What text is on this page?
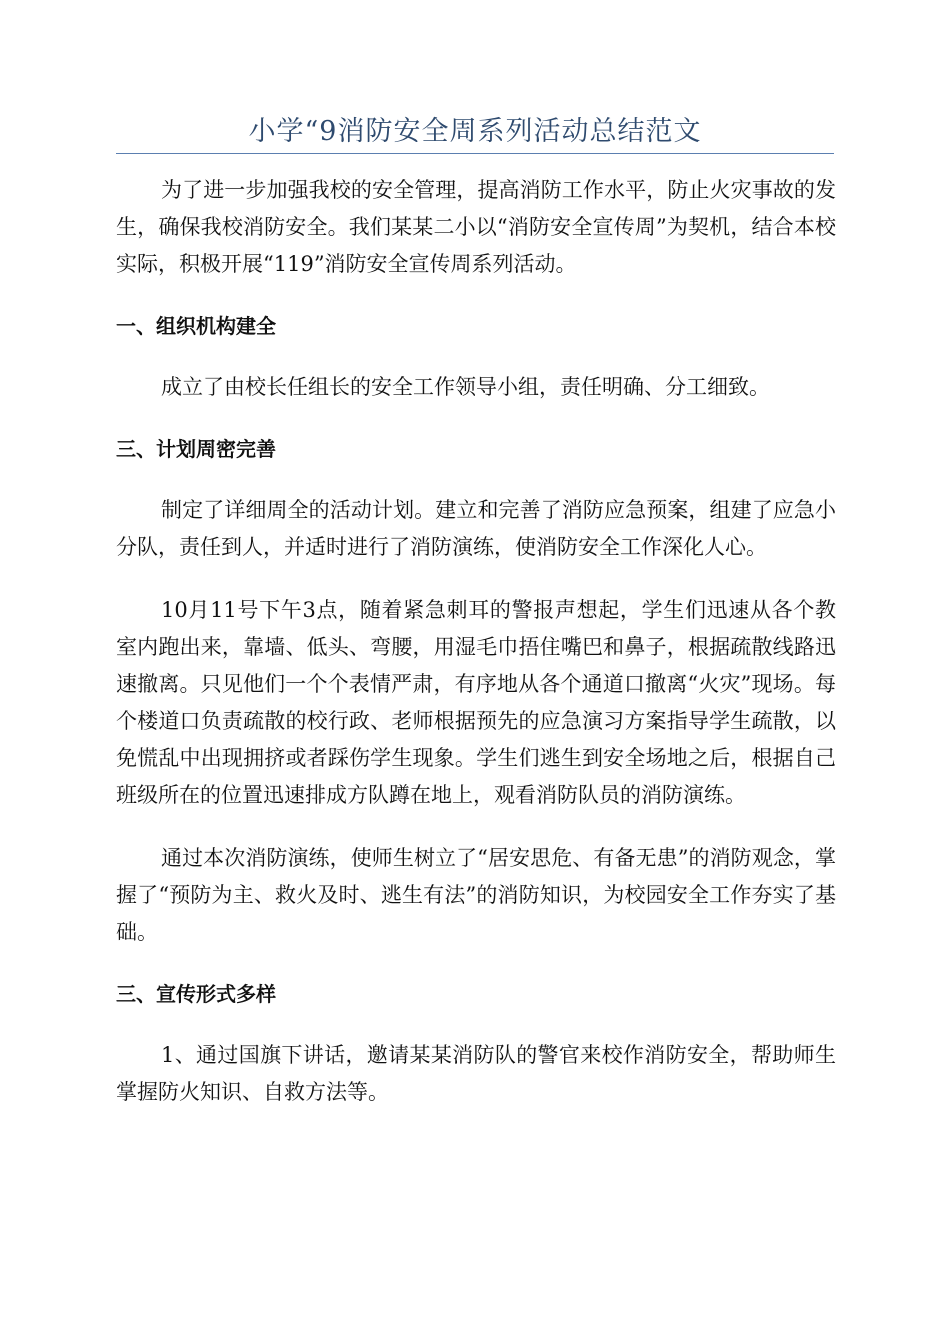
小学“9消防安全周系列活动总结范文

为了进一步加强我校的安全管理，提高消防工作水平，防止火灾事故的发生，确保我校消防安全。我们某某二小以“消防安全宣传周”为契机，结合本校实际，积极开展“119”消防安全宣传周系列活动。

一、组织机构建全

成立了由校长任组长的安全工作领导小组，责任明确、分工细致。

三、计划周密完善

制定了详细周全的活动计划。建立和完善了消防应急预案，组建了应急小分队，责任到人，并适时进行了消防演练，使消防安全工作深化人心。

10月11号下午3点，随着紧急刺耳的警报声想起，学生们迅速从各个教室内跑出来，靠墙、低头、弯腰，用湿毛巾捂住嘴巴和鼻子，根据疏散线路迅速撤离。只见他们一个个表情严肃，有序地从各个通道口撤离“火灾”现场。每个楼道口负责疏散的校行政、老师根据预先的应急演习方案指导学生疏散，以免慌乱中出现拥挤或者踩伤学生现象。学生们逃生到安全场地之后，根据自己班级所在的位置迅速排成方队蹲在地上，观看消防队员的消防演练。

通过本次消防演练，使师生树立了“居安思危、有备无患”的消防观念，掌握了“预防为主、救火及时、逃生有法”的消防知识，为校园安全工作夯实了基础。

三、宣传形式多样

1、通过国旗下讲话，邀请某某消防队的警官来校作消防安全，帮助师生掌握防火知识、自救方法等。
